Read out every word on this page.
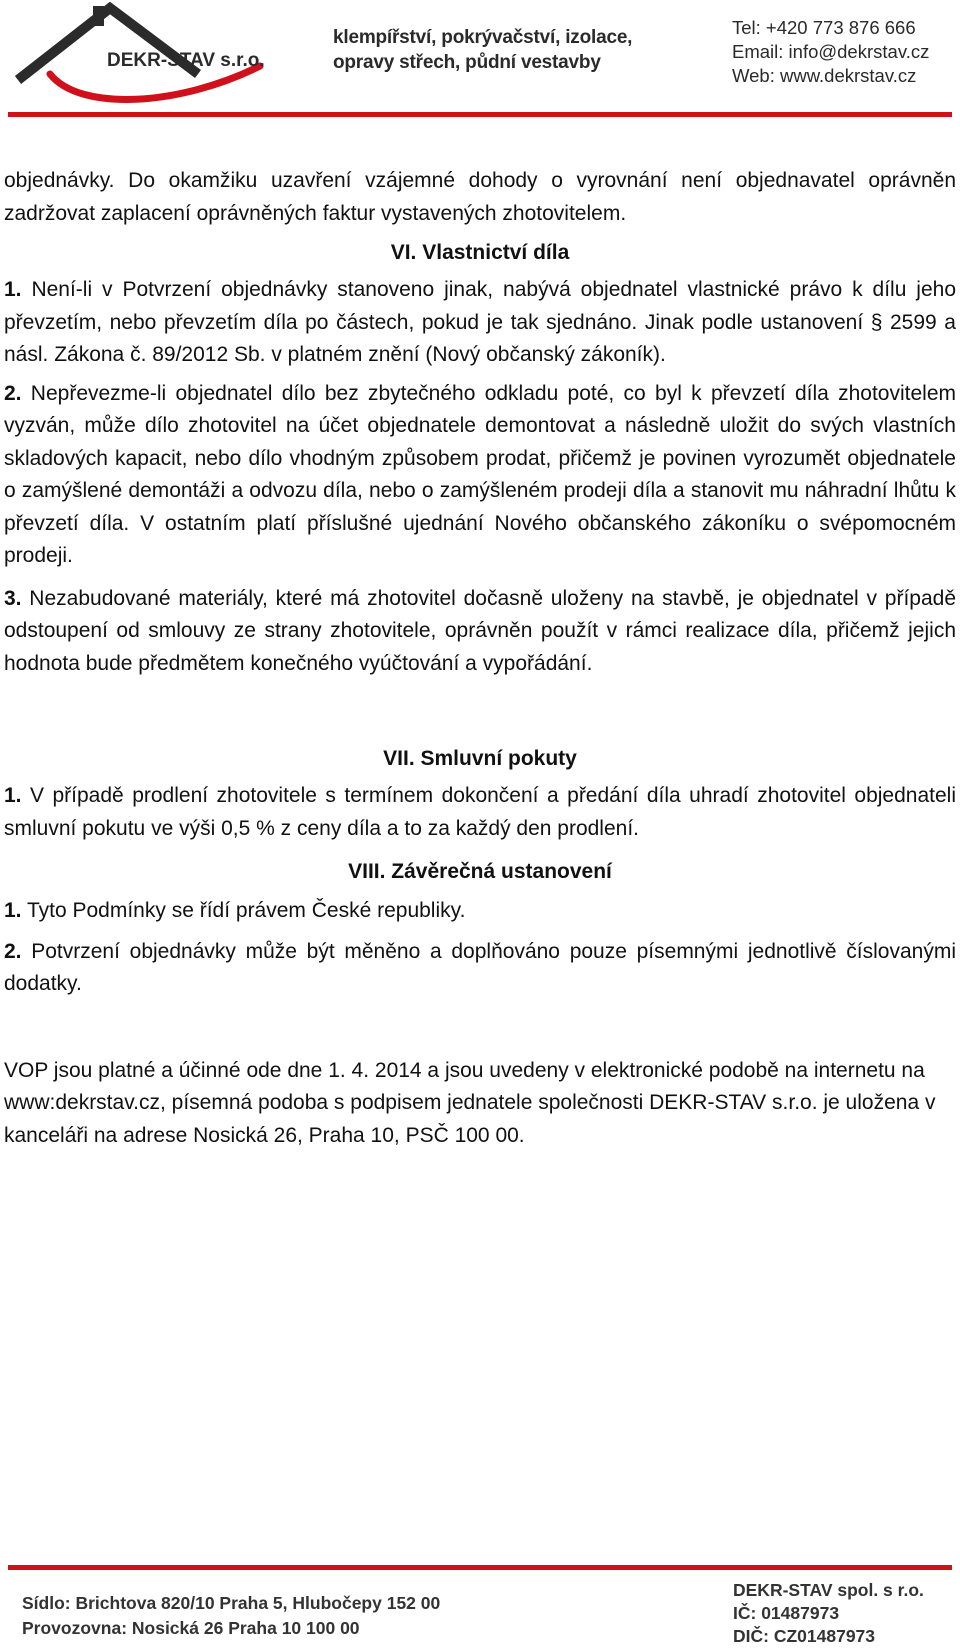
DEKR-STAV s.r.o.
klempířství, pokrývačství, izolace,
opravy střech, půdní vestavby
Tel: +420 773 876 666
Email: info@dekrstav.cz
Web: www.dekrstav.cz

objednávky. Do okamžiku uzavření vzájemné dohody o vyrovnání není objednavatel oprávněn zadržovat zaplacení oprávněných faktur vystavených zhotovitelem.

VI. Vlastnictví díla

1. Není-li v Potvrzení objednávky stanoveno jinak, nabývá objednatel vlastnické právo k dílu jeho převzetím, nebo převzetím díla po částech, pokud je tak sjednáno. Jinak podle ustanovení § 2599 a násl. Zákona č. 89/2012 Sb. v platném znění (Nový občanský zákoník).

2. Nepřevezme-li objednatel dílo bez zbytečného odkladu poté, co byl k převzetí díla zhotovitelem vyzván, může dílo zhotovitel na účet objednatele demontovat a následně uložit do svých vlastních skladových kapacit, nebo dílo vhodným způsobem prodat, přičemž je povinen vyrozumět objednatele o zamýšlené demontáži a odvozu díla, nebo o zamýšleném prodeji díla a stanovit mu náhradní lhůtu k převzetí díla. V ostatním platí příslušné ujednání Nového občanského zákoníku o svépomocném prodeji.

3. Nezabudované materiály, které má zhotovitel dočasně uloženy na stavbě, je objednatel v případě odstoupení od smlouvy ze strany zhotovitele, oprávněn použít v rámci realizace díla, přičemž jejich hodnota bude předmětem konečného vyúčtování a vypořádání.

VII. Smluvní pokuty

1. V případě prodlení zhotovitele s termínem dokončení a předání díla uhradí zhotovitel objednateli smluvní pokutu ve výši 0,5 % z ceny díla a to za každý den prodlení.

VIII. Závěrečná ustanovení

1. Tyto Podmínky se řídí právem České republiky.

2. Potvrzení objednávky může být měněno a doplňováno pouze písemnými jednotlivě číslovanými dodatky.

VOP jsou platné a účinné ode dne 1. 4. 2014 a jsou uvedeny v elektronické podobě na internetu na www:dekrstav.cz, písemná podoba s podpisem jednatele společnosti DEKR-STAV s.r.o. je uložena v kanceláři na adrese Nosická 26, Praha 10, PSČ 100 00.

Sídlo: Brichtova 820/10 Praha 5, Hlubočepy 152 00
Provozovna: Nosická 26 Praha 10 100 00
DEKR-STAV spol. s r.o.
IČ: 01487973
DIČ: CZ01487973
